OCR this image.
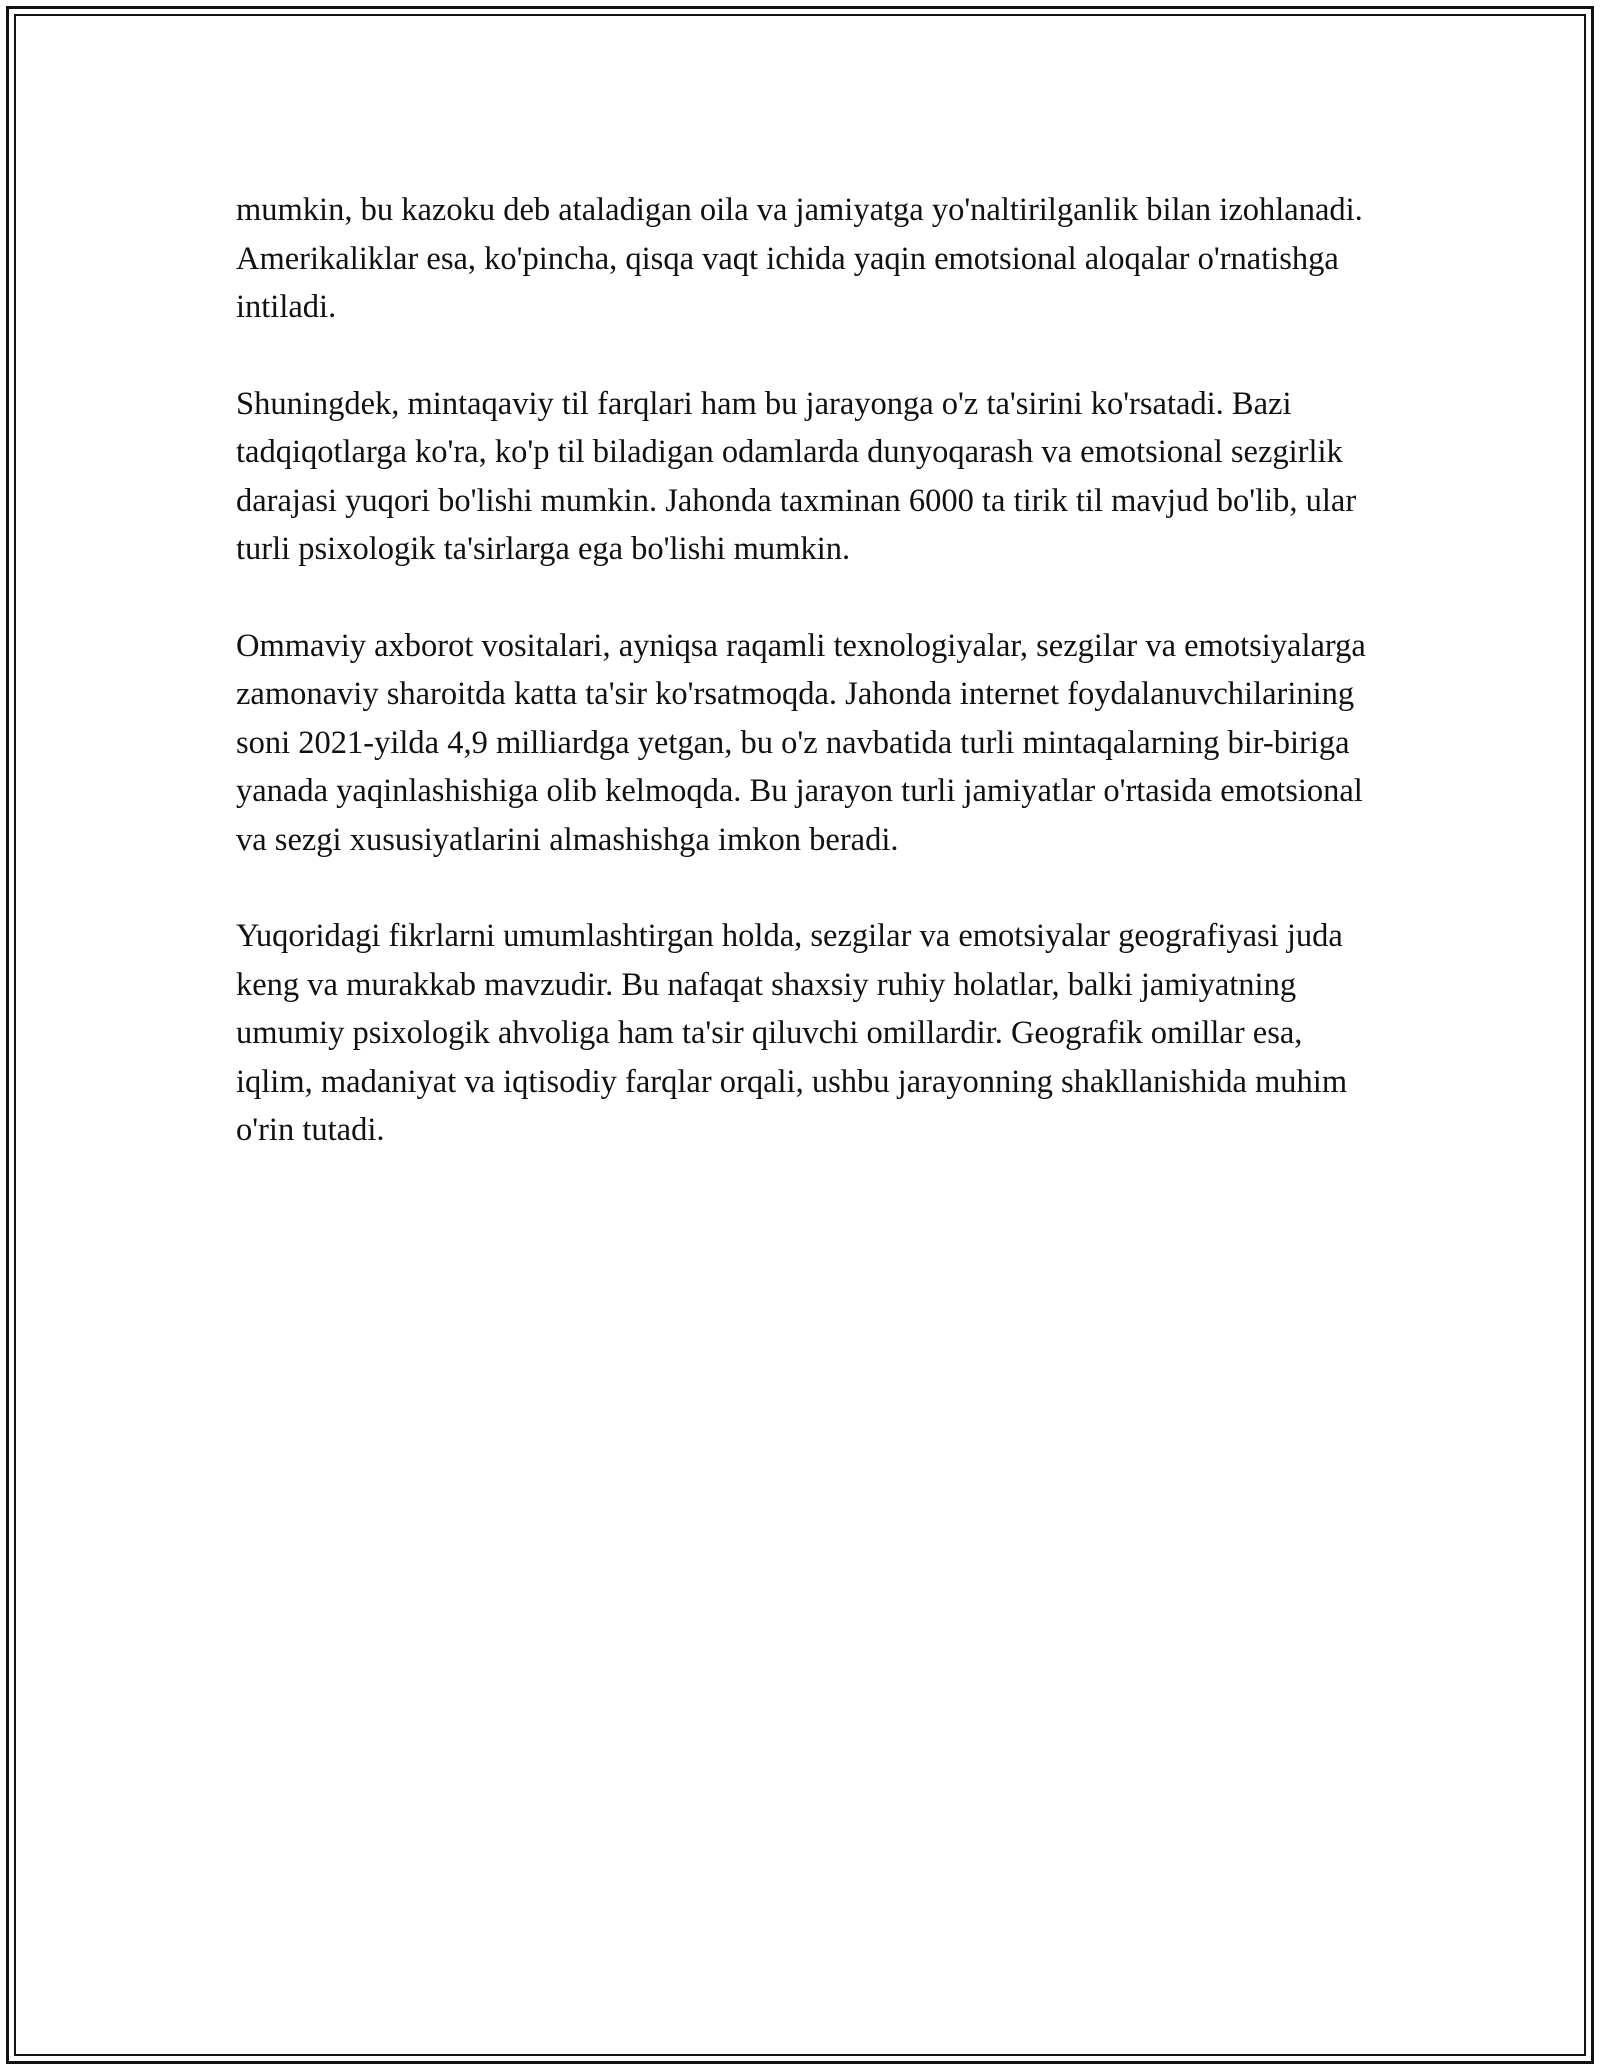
mumkin, bu kazoku deb ataladigan oila va jamiyatga yo'naltirilganlik bilan izohlanadi. Amerikaliklar esa, ko'pincha, qisqa vaqt ichida yaqin emotsional aloqalar o'rnatishga intiladi.

Shuningdek, mintaqaviy til farqlari ham bu jarayonga o'z ta'sirini ko'rsatadi. Bazi tadqiqotlarga ko'ra, ko'p til biladigan odamlarda dunyoqarash va emotsional sezgirlik darajasi yuqori bo'lishi mumkin. Jahonda taxminan 6000 ta tirik til mavjud bo'lib, ular turli psixologik ta'sirlarga ega bo'lishi mumkin.

Ommaviy axborot vositalari, ayniqsa raqamli texnologiyalar, sezgilar va emotsiyalarga zamonaviy sharoitda katta ta'sir ko'rsatmoqda. Jahonda internet foydalanuvchilarining soni 2021-yilda 4,9 milliardga yetgan, bu o'z navbatida turli mintaqalarning bir-biriga yanada yaqinlashishiga olib kelmoqda. Bu jarayon turli jamiyatlar o'rtasida emotsional va sezgi xususiyatlarini almashishga imkon beradi.

Yuqoridagi fikrlarni umumlashtirgan holda, sezgilar va emotsiyalar geografiyasi juda keng va murakkab mavzudir. Bu nafaqat shaxsiy ruhiy holatlar, balki jamiyatning umumiy psixologik ahvoliga ham ta'sir qiluvchi omillardir. Geografik omillar esa, iqlim, madaniyat va iqtisodiy farqlar orqali, ushbu jarayonning shakllanishida muhim o'rin tutadi.
